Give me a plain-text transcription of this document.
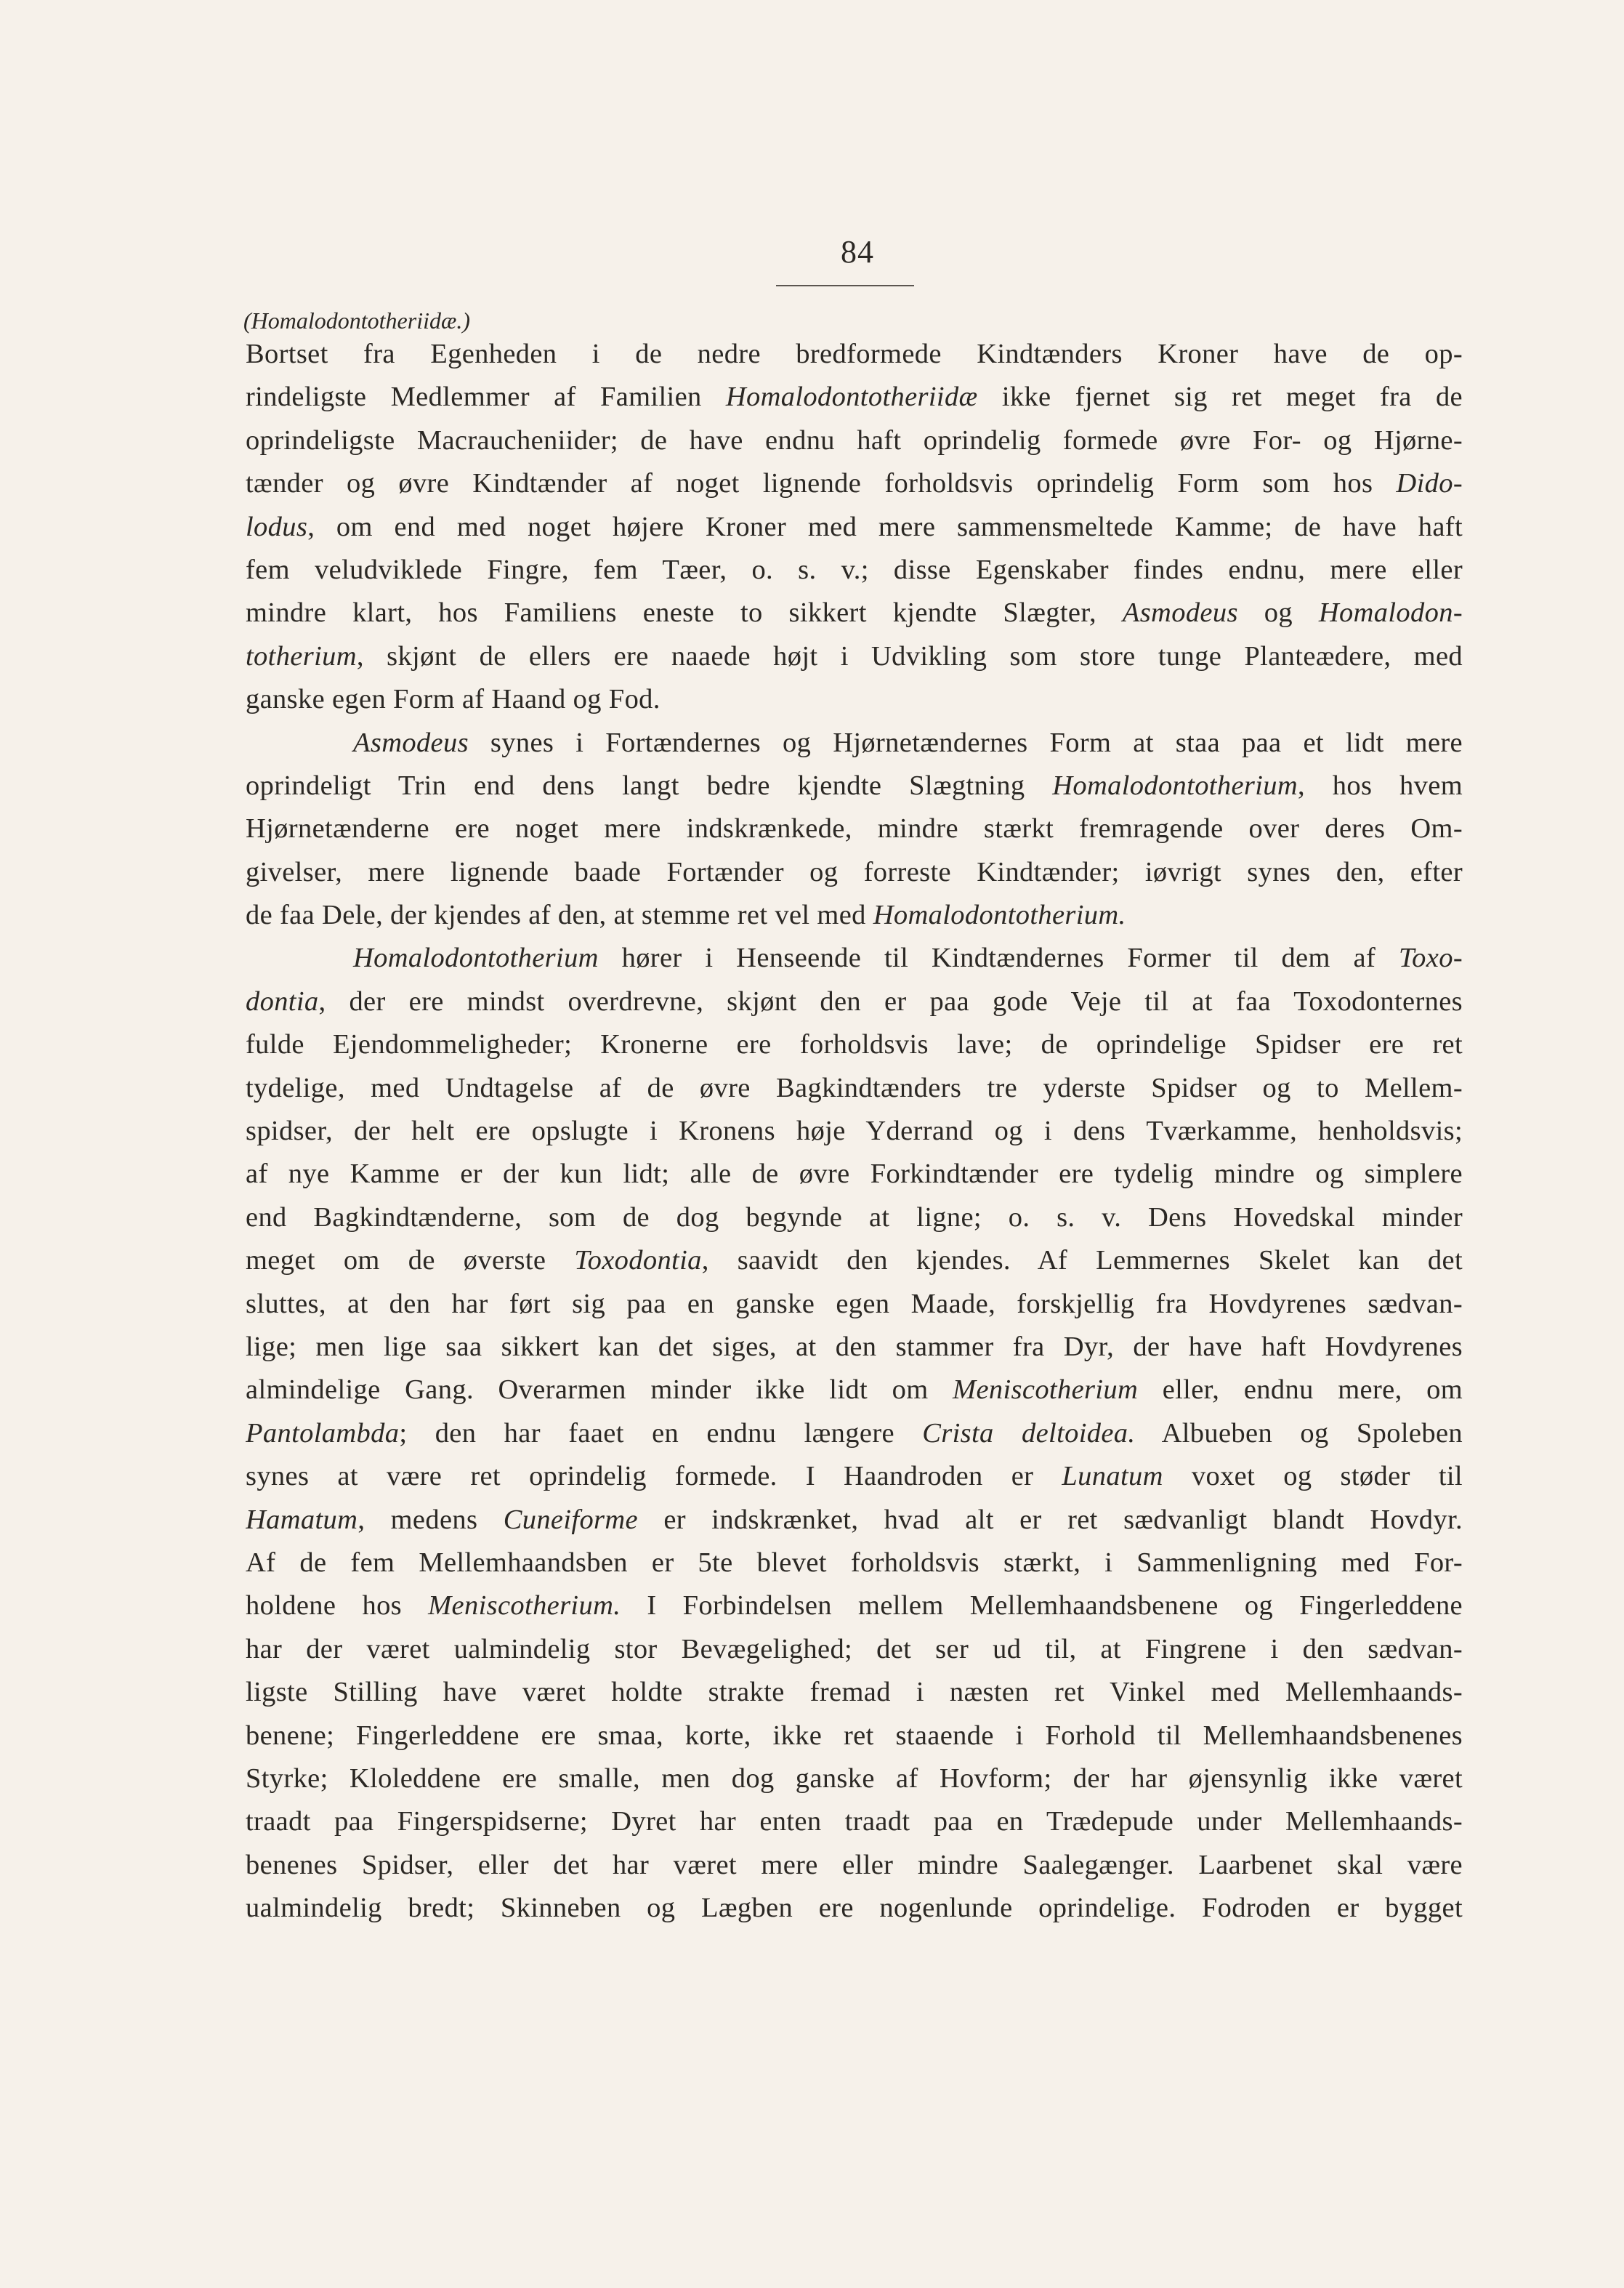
84
(Homalodontotheriidæ.)
Bortset fra Egenheden i de nedre bredformede Kindtænders Kroner have de op-
rindeligste Medlemmer af Familien Homalodontotheriidæ ikke fjernet sig ret meget fra de
oprindeligste Macraucheniider; de have endnu haft oprindelig formede øvre For- og Hjørne-
tænder og øvre Kindtænder af noget lignende forholdsvis oprindelig Form som hos Dido-
lodus, om end med noget højere Kroner med mere sammensmeltede Kamme; de have haft
fem veludviklede Fingre, fem Tæer, o. s. v.; disse Egenskaber findes endnu, mere eller
mindre klart, hos Familiens eneste to sikkert kjendte Slægter, Asmodeus og Homalodon-
totherium, skjønt de ellers ere naaede højt i Udvikling som store tunge Planteædere, med
ganske egen Form af Haand og Fod.
Asmodeus synes i Fortændernes og Hjørnetændernes Form at staa paa et lidt mere
oprindeligt Trin end dens langt bedre kjendte Slægtning Homalodontotherium, hos hvem
Hjørnetænderne ere noget mere indskrænkede, mindre stærkt fremragende over deres Om-
givelser, mere lignende baade Fortænder og forreste Kindtænder; iøvrigt synes den, efter
de faa Dele, der kjendes af den, at stemme ret vel med Homalodontotherium.
Homalodontotherium hører i Henseende til Kindtændernes Former til dem af Toxo-
dontia, der ere mindst overdrevne, skjønt den er paa gode Veje til at faa Toxodonternes
fulde Ejendommeligheder; Kronerne ere forholdsvis lave; de oprindelige Spidser ere ret
tydelige, med Undtagelse af de øvre Bagkindtænders tre yderste Spidser og to Mellem-
spidser, der helt ere opslugte i Kronens høje Yderrand og i dens Tværkamme, henholdsvis;
af nye Kamme er der kun lidt; alle de øvre Forkindtænder ere tydelig mindre og simplere
end Bagkindtænderne, som de dog begynde at ligne; o. s. v. Dens Hovedskal minder
meget om de øverste Toxodontia, saavidt den kjendes. Af Lemmernes Skelet kan det
sluttes, at den har ført sig paa en ganske egen Maade, forskjellig fra Hovdyrenes sædvan-
lige; men lige saa sikkert kan det siges, at den stammer fra Dyr, der have haft Hovdyrenes
almindelige Gang. Overarmen minder ikke lidt om Meniscotherium eller, endnu mere, om
Pantolambda; den har faaet en endnu længere Crista deltoidea. Albueben og Spoleben
synes at være ret oprindelig formede. I Haandroden er Lunatum voxet og støder til
Hamatum, medens Cuneiforme er indskrænket, hvad alt er ret sædvanligt blandt Hovdyr.
Af de fem Mellemhaandsben er 5te blevet forholdsvis stærkt, i Sammenligning med For-
holdene hos Meniscotherium. I Forbindelsen mellem Mellemhaandsbenene og Fingerleddene
har der været ualmindelig stor Bevægelighed; det ser ud til, at Fingrene i den sædvan-
ligste Stilling have været holdte strakte fremad i næsten ret Vinkel med Mellemhaands-
benene; Fingerleddene ere smaa, korte, ikke ret staaende i Forhold til Mellemhaandsbenenes
Styrke; Kloleddene ere smalle, men dog ganske af Hovform; der har øjensynlig ikke været
traadt paa Fingerspidserne; Dyret har enten traadt paa en Trædepude under Mellemhaands-
benenes Spidser, eller det har været mere eller mindre Saalegænger. Laarbenet skal være
ualmindelig bredt; Skinneben og Lægben ere nogenlunde oprindelige. Fodroden er bygget
